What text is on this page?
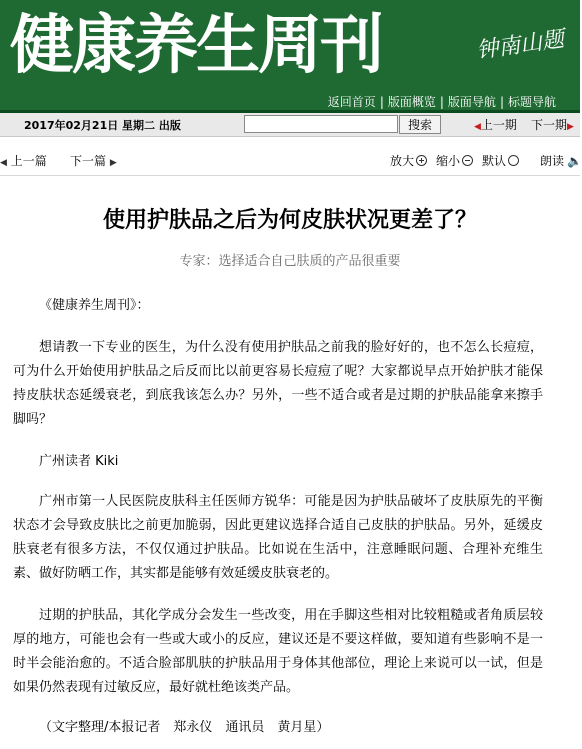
健康养生周刊	钟南山题
返回首页 | 版面概览 | 版面导航 | 标题导航
2017年02月21日 星期二 出版	搜索	◀上一期 下一期▶
◀ 上一篇 下一篇 ▶	放大	缩小	默认	朗读 🔈
使用护肤品之后为何皮肤状况更差了？
专家：选择适合自己肤质的产品很重要

《健康养生周刊》：

想请教一下专业的医生，为什么没有使用护肤品之前我的脸好好的，也不怎么长痘痘，可为什么开始使用护肤品之后反而比以前更容易长痘痘了呢？大家都说早点开始护肤才能保持皮肤状态延缓衰老，到底我该怎么办？另外，一些不适合或者是过期的护肤品能拿来擦手脚吗？

广州读者 Kiki

广州市第一人民医院皮肤科主任医师方锐华：可能是因为护肤品破坏了皮肤原先的平衡状态才会导致皮肤比之前更加脆弱，因此更建议选择合适自己皮肤的护肤品。另外，延缓皮肤衰老有很多方法，不仅仅通过护肤品。比如说在生活中，注意睡眠问题、合理补充维生素、做好防晒工作，其实都是能够有效延缓皮肤衰老的。

过期的护肤品，其化学成分会发生一些改变，用在手脚这些相对比较粗糙或者角质层较厚的地方，可能也会有一些或大或小的反应，建议还是不要这样做，要知道有些影响不是一时半会能治愈的。不适合脸部肌肤的护肤品用于身体其他部位，理论上来说可以一试，但是如果仍然表现有过敏反应，最好就杜绝该类产品。

（文字整理/本报记者　郑永仪　通讯员　黄月星）
